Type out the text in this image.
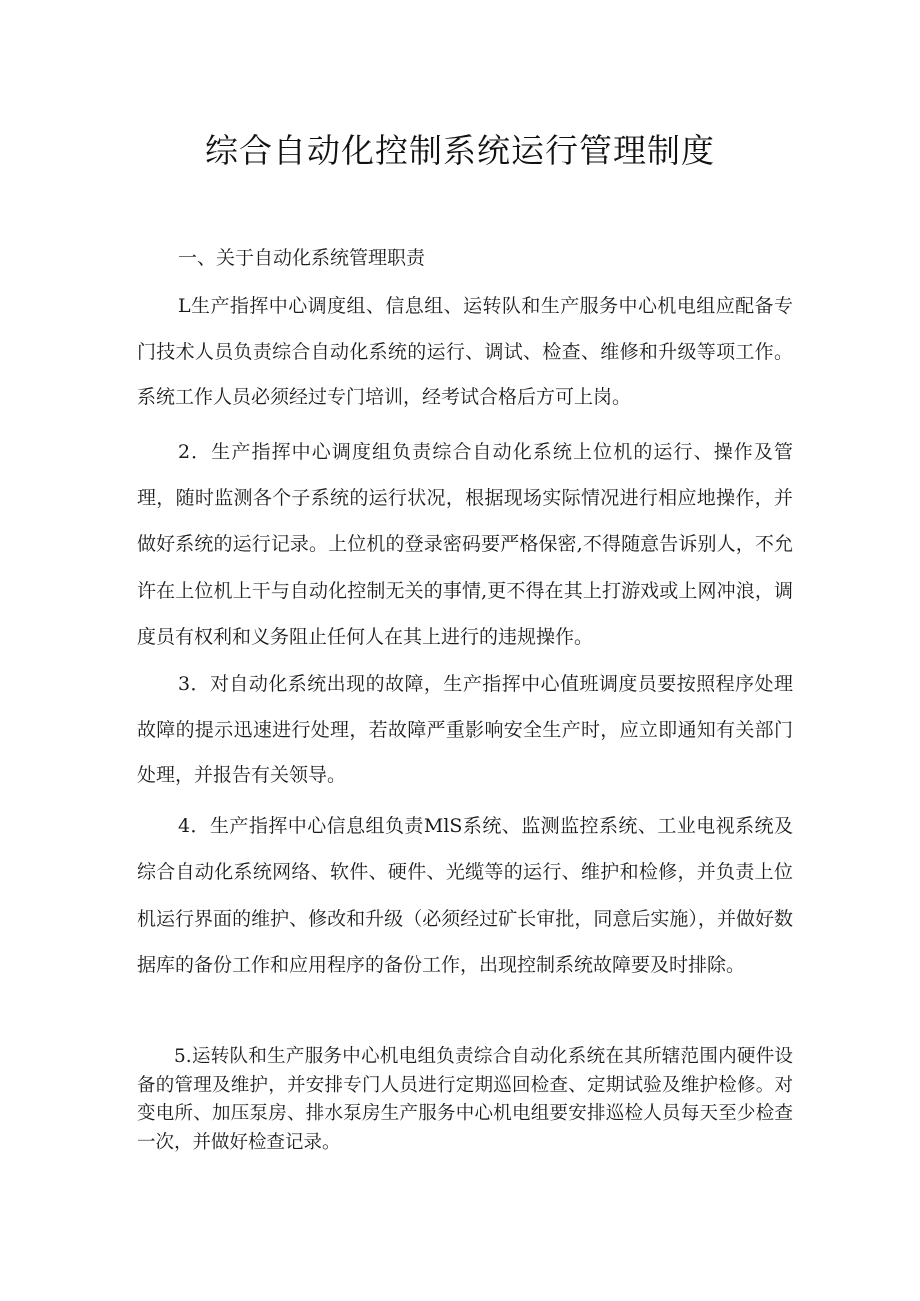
综合自动化控制系统运行管理制度

一、关于自动化系统管理职责

L生产指挥中心调度组、信息组、运转队和生产服务中心机电组应配备专门技术人员负责综合自动化系统的运行、调试、检查、维修和升级等项工作。系统工作人员必须经过专门培训，经考试合格后方可上岗。

2．生产指挥中心调度组负责综合自动化系统上位机的运行、操作及管理，随时监测各个子系统的运行状况，根据现场实际情况进行相应地操作，并做好系统的运行记录。上位机的登录密码要严格保密,不得随意告诉别人，不允许在上位机上干与自动化控制无关的事情,更不得在其上打游戏或上网冲浪，调度员有权利和义务阻止任何人在其上进行的违规操作。

3．对自动化系统出现的故障，生产指挥中心值班调度员要按照程序处理故障的提示迅速进行处理，若故障严重影响安全生产时，应立即通知有关部门处理，并报告有关领导。

4．生产指挥中心信息组负责MlS系统、监测监控系统、工业电视系统及综合自动化系统网络、软件、硬件、光缆等的运行、维护和检修，并负责上位机运行界面的维护、修改和升级（必须经过矿长审批，同意后实施），并做好数据库的备份工作和应用程序的备份工作，出现控制系统故障要及时排除。

5.运转队和生产服务中心机电组负责综合自动化系统在其所辖范围内硬件设备的管理及维护，并安排专门人员进行定期巡回检查、定期试验及维护检修。对变电所、加压泵房、排水泵房生产服务中心机电组要安排巡检人员每天至少检查一次，并做好检查记录。
